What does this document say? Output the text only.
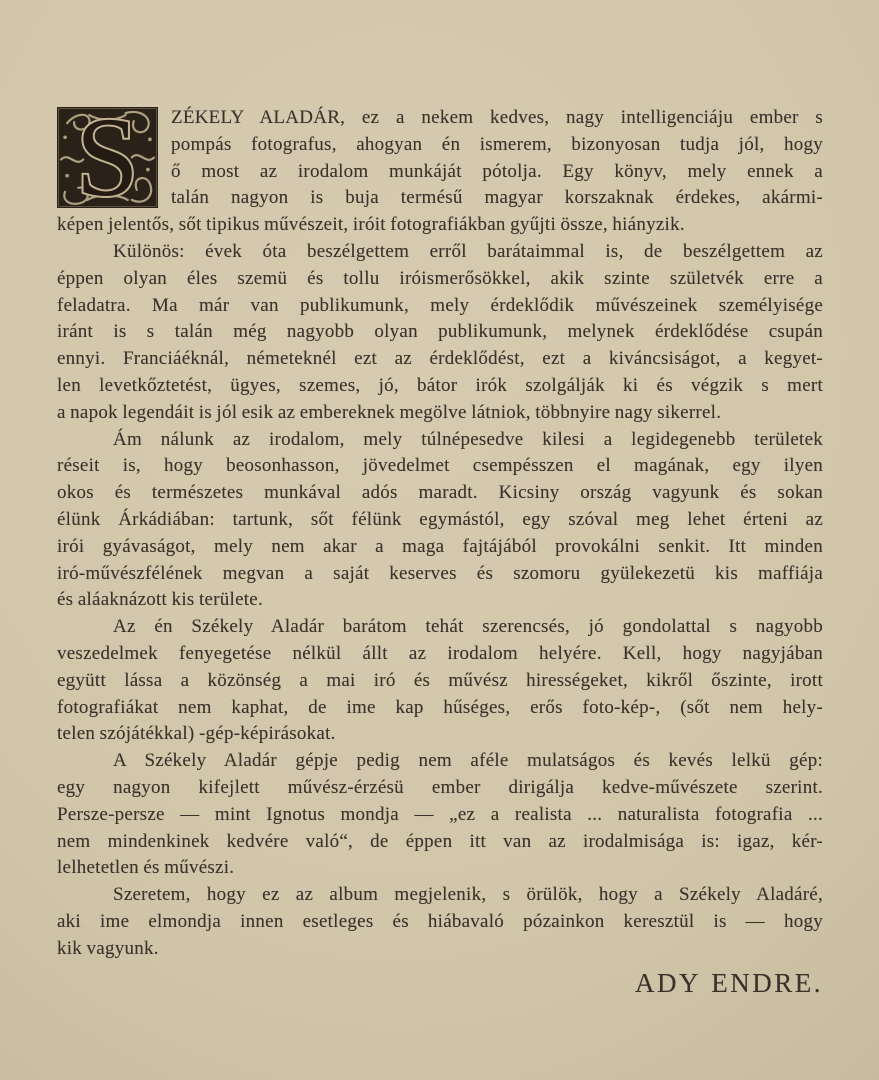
S	ZÉKELY ALADÁR, ez a nekem kedves, nagy intelligenciáju ember s
pompás fotografus, ahogyan én ismerem, bizonyosan tudja jól, hogy
ő most az irodalom munkáját pótolja. Egy könyv, mely ennek a
talán nagyon is buja termésű magyar korszaknak érdekes, akármi-
képen jelentős, sőt tipikus művészeit, iróit fotografiákban gyűjti össze, hiányzik.
Különös: évek óta beszélgettem erről barátaimmal is, de beszélgettem az
éppen olyan éles szemü és tollu iróismerősökkel, akik szinte születvék erre a
feladatra. Ma már van publikumunk, mely érdeklődik művészeinek személyisége
iránt is s talán még nagyobb olyan publikumunk, melynek érdeklődése csupán
ennyi. Franciáéknál, németeknél ezt az érdeklődést, ezt a kiváncsiságot, a kegyet-
len levetkőztetést, ügyes, szemes, jó, bátor irók szolgálják ki és végzik s mert
a napok legendáit is jól esik az embereknek megölve látniok, többnyire nagy sikerrel.
Ám nálunk az irodalom, mely túlnépesedve kilesi a legidegenebb területek
réseit is, hogy beosonhasson, jövedelmet csempésszen el magának, egy ilyen
okos és természetes munkával adós maradt. Kicsiny ország vagyunk és sokan
élünk Árkádiában: tartunk, sőt félünk egymástól, egy szóval meg lehet érteni az
irói gyávaságot, mely nem akar a maga fajtájából provokálni senkit. Itt minden
iró-művészfélének megvan a saját keserves és szomoru gyülekezetü kis maffiája
és aláaknázott kis területe.
Az én Székely Aladár barátom tehát szerencsés, jó gondolattal s nagyobb
veszedelmek fenyegetése nélkül állt az irodalom helyére. Kell, hogy nagyjában
együtt lássa a közönség a mai iró és művész hirességeket, kikről őszinte, irott
fotografiákat nem kaphat, de ime kap hűséges, erős foto-kép-, (sőt nem hely-
telen szójátékkal) -gép-képirásokat.
A Székely Aladár gépje pedig nem aféle mulatságos és kevés lelkü gép:
egy nagyon kifejlett művész-érzésü ember dirigálja kedve-művészete szerint.
Persze-persze — mint Ignotus mondja — „ez a realista ... naturalista fotografia ...
nem mindenkinek kedvére való“, de éppen itt van az irodalmisága is: igaz, kér-
lelhetetlen és művészi.
Szeretem, hogy ez az album megjelenik, s örülök, hogy a Székely Aladáré,
aki ime elmondja innen esetleges és hiábavaló pózainkon keresztül is — hogy
kik vagyunk.
ADY ENDRE.
